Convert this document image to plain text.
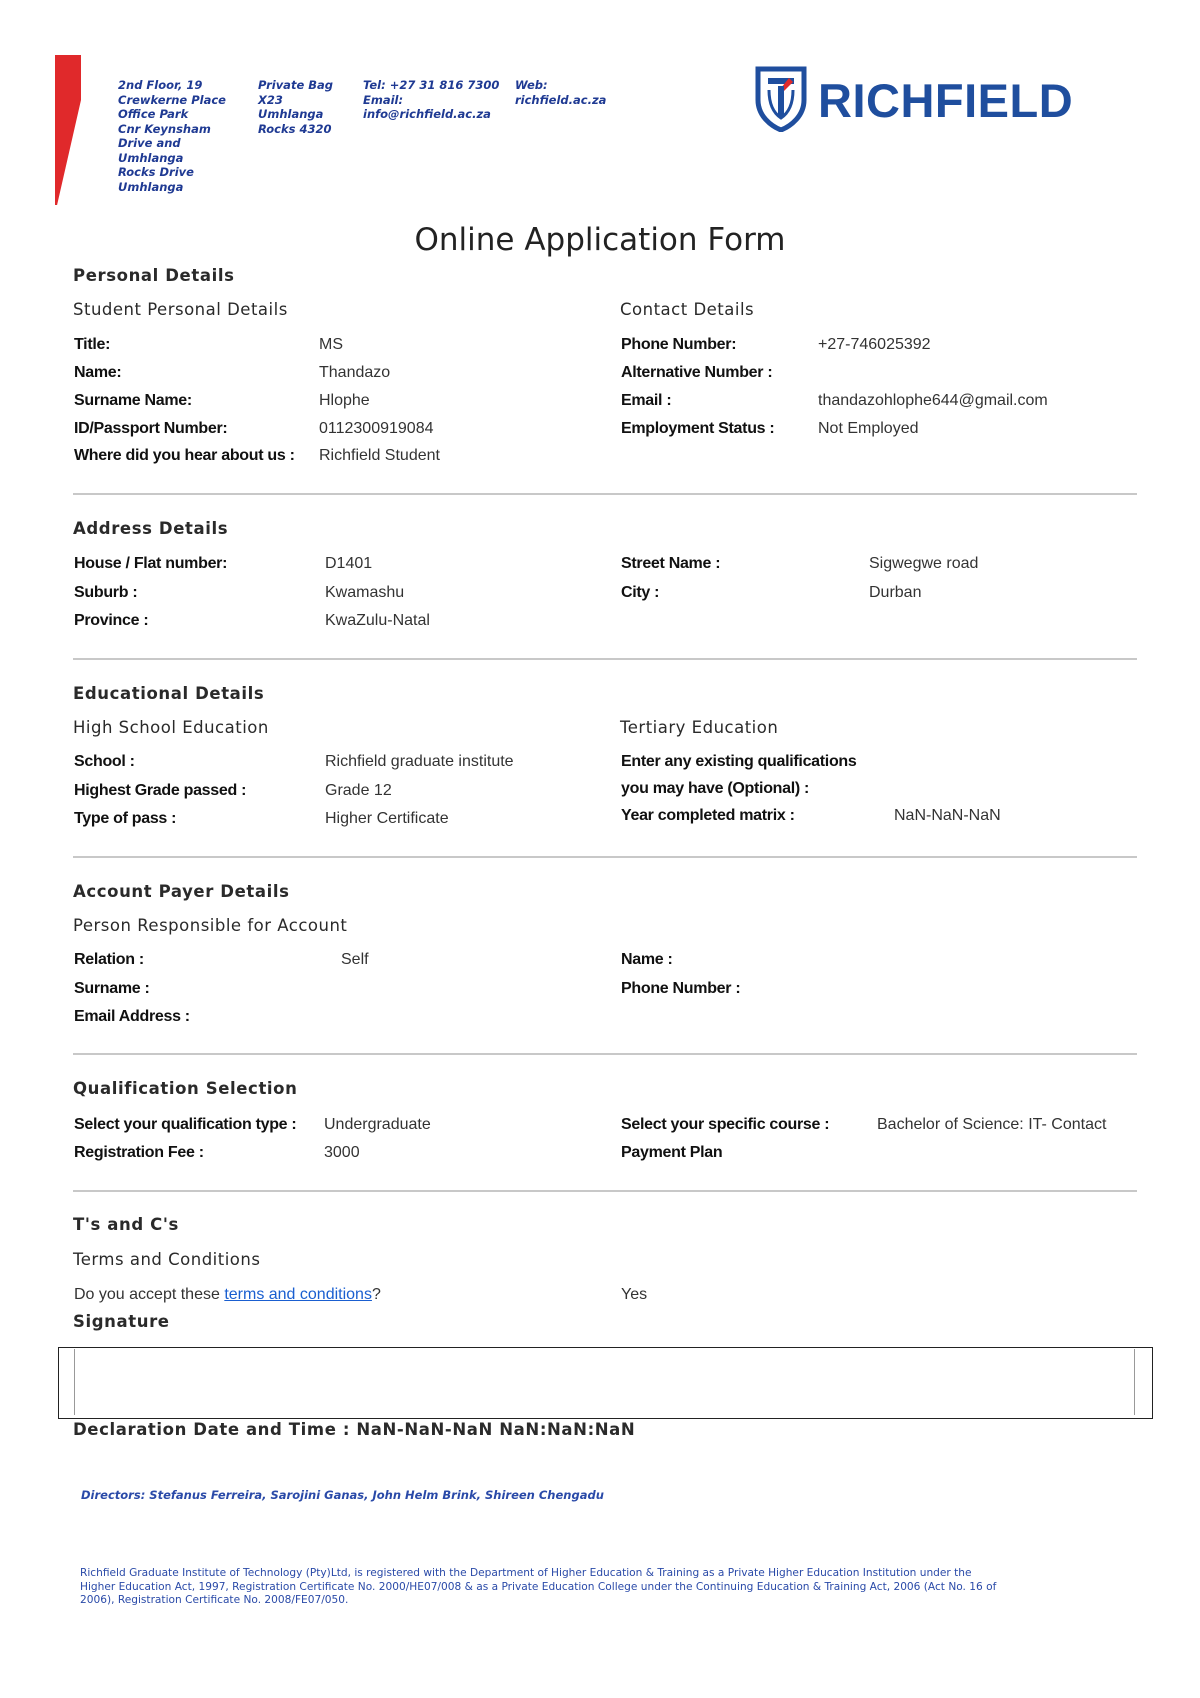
2nd Floor, 19
Crewkerne Place
Office Park
Cnr Keynsham
Drive and
Umhlanga
Rocks Drive
Umhlanga
Private Bag
X23
Umhlanga
Rocks 4320
Tel: +27 31 816 7300
Email:
info@richfield.ac.za
Web:
richfield.ac.za	RICHFIELD
Online Application Form
Personal Details
Student Personal Details	Contact Details
Title:	MS
Name:	Thandazo
Surname Name:	Hlophe
ID/Passport Number:	0112300919084
Where did you hear about us : Richfield Student
Phone Number:	+27-746025392
Alternative Number :
Email :	thandazohlophe644@gmail.com
Employment Status :	Not Employed
Address Details
House / Flat number:	D1401
Suburb :	Kwamashu
Province :	KwaZulu-Natal
Street Name :	Sigwegwe road
City :	Durban
Educational Details
High School Education	Tertiary Education
School :	Richfield graduate institute
Highest Grade passed :	Grade 12
Type of pass :	Higher Certificate
Enter any existing qualifications
you may have (Optional) :
Year completed matrix :	NaN-NaN-NaN
Account Payer Details
Person Responsible for Account
Relation :	Self
Surname :
Email Address :
Name :
Phone Number :
Qualification Selection
Select your qualification type : Undergraduate
Registration Fee :	3000
Select your specific course :	Bachelor of Science: IT- Contact
Payment Plan
T's and C's
Terms and Conditions
Do you accept these terms and conditions?	Yes
Signature
Declaration Date and Time : NaN-NaN-NaN NaN:NaN:NaN
Directors: Stefanus Ferreira, Sarojini Ganas, John Helm Brink, Shireen Chengadu
Richfield Graduate Institute of Technology (Pty)Ltd, is registered with the Department of Higher Education & Training as a Private Higher Education Institution under the
Higher Education Act, 1997, Registration Certificate No. 2000/HE07/008 & as a Private Education College under the Continuing Education & Training Act, 2006 (Act No. 16 of
2006), Registration Certificate No. 2008/FE07/050.
